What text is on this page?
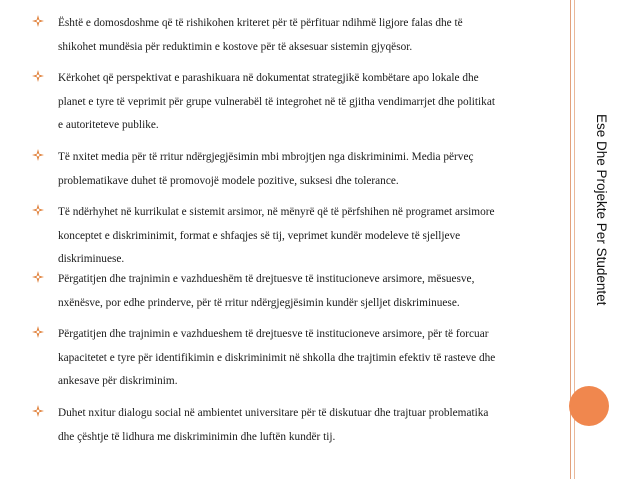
Është e domosdoshme që të rishikohen kriteret për të përfituar ndihmë ligjore falas dhe të
shikohet mundësia për reduktimin e kostove për të aksesuar sistemin gjyqësor.
Kërkohet që perspektivat e parashikuara në dokumentat strategjikë kombëtare apo lokale dhe
planet e tyre të veprimit për grupe vulnerabël të integrohet në të gjitha vendimarrjet dhe politikat
e autoriteteve publike.
Të nxitet media për të rritur ndërgjegjësimin mbi mbrojtjen nga diskriminimi. Media përveç
problematikave duhet të promovojë modele pozitive, suksesi dhe tolerance.
Të ndërhyhet në kurrikulat e sistemit arsimor, në mënyrë që të përfshihen në programet arsimore
konceptet e diskriminimit, format e shfaqjes së tij, veprimet kundër modeleve të sjelljeve
diskriminuese.
Përgatitjen dhe trajnimin e vazhdueshëm të drejtuesve të institucioneve arsimore, mësuesve,
nxënësve, por edhe prinderve, për të rritur ndërgjegjësimin kundër sjelljet diskriminuese.
Përgatitjen dhe trajnimin e vazhdueshem të drejtuesve të institucioneve arsimore, për të forcuar
kapacitetet e tyre për identifikimin e diskriminimit në shkolla dhe trajtimin efektiv të rasteve dhe
ankesave për diskriminim.
Duhet nxitur dialogu social në ambientet universitare për të diskutuar dhe trajtuar problematika
dhe çështje të lidhura me diskriminimin dhe luftën kundër tij.
Ese Dhe Projekte Per Studentet
